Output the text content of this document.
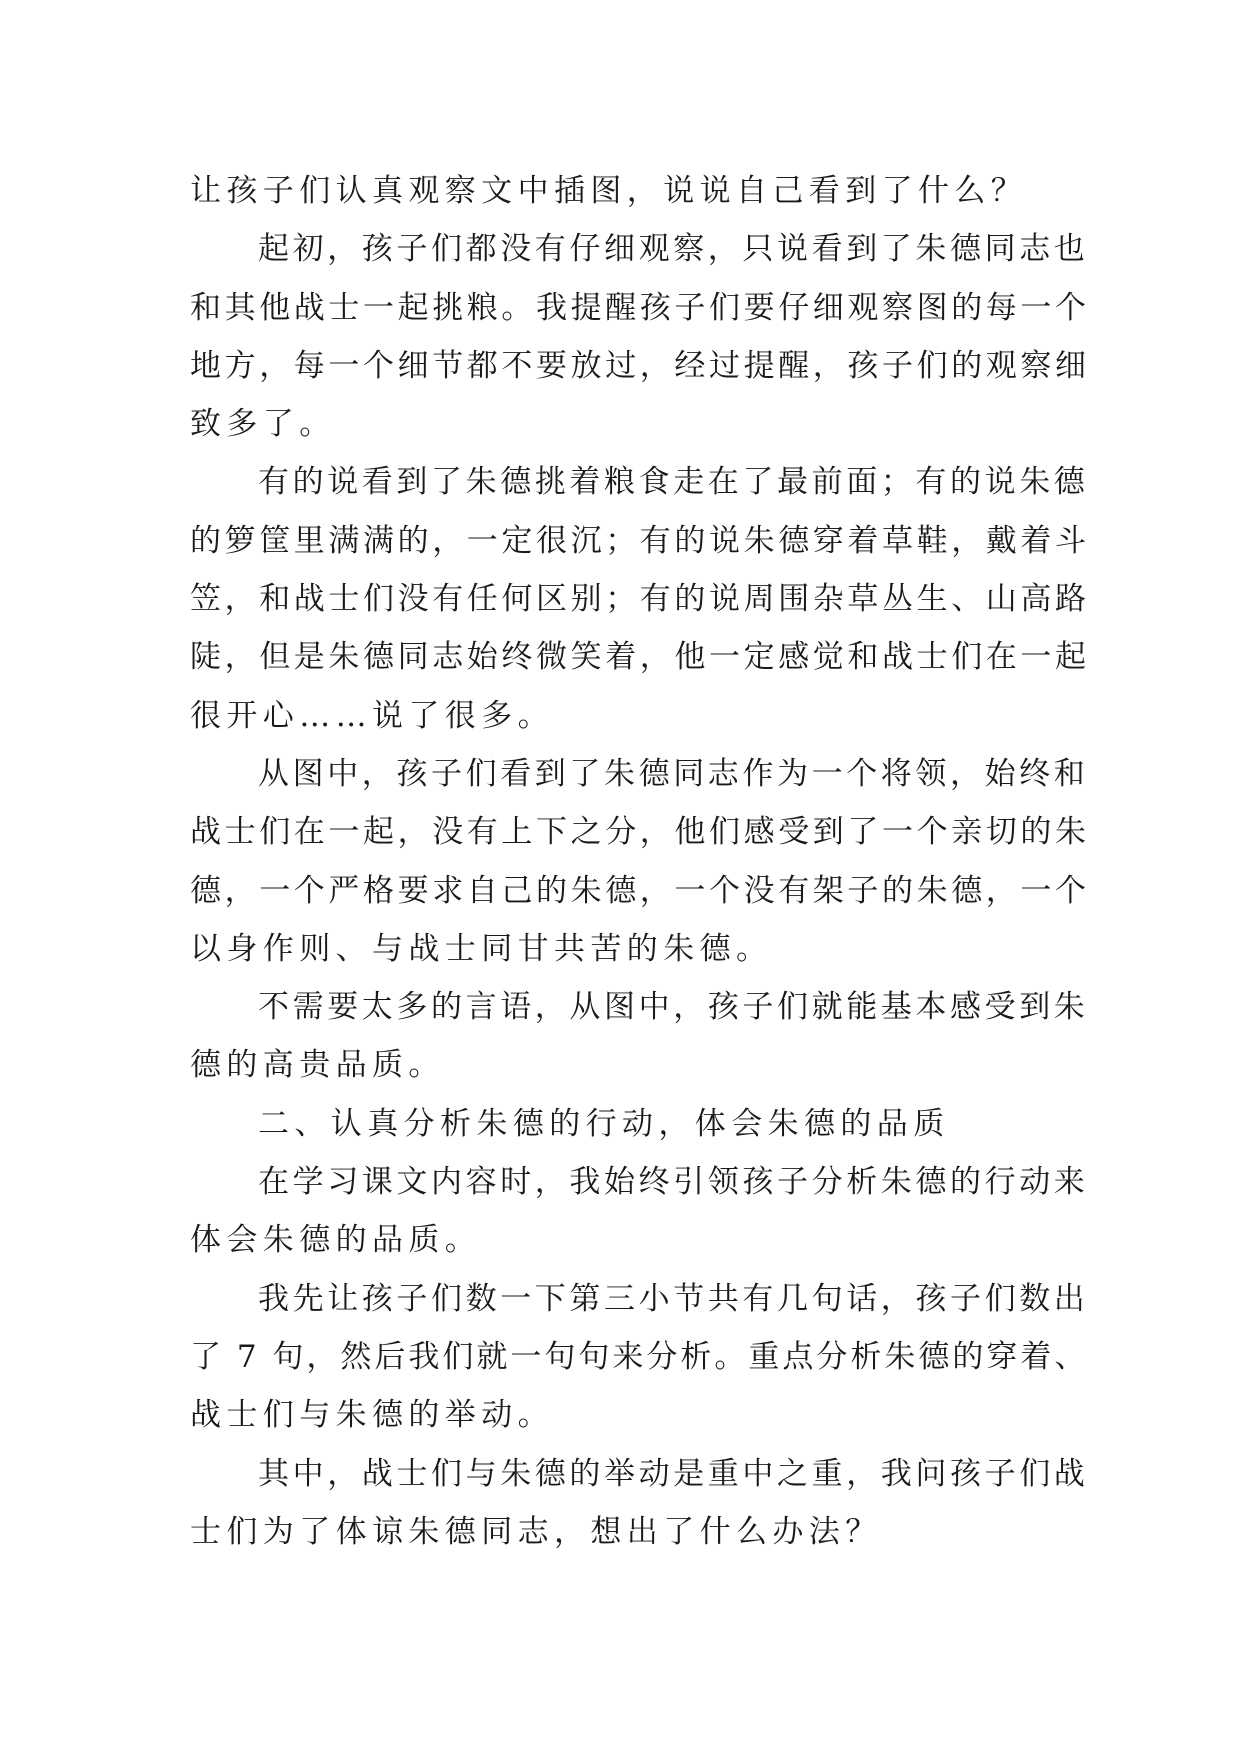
让孩子们认真观察文中插图，说说自己看到了什么？
起初，孩子们都没有仔细观察，只说看到了朱德同志也
和其他战士一起挑粮。我提醒孩子们要仔细观察图的每一个
地方，每一个细节都不要放过，经过提醒，孩子们的观察细
致多了。
有的说看到了朱德挑着粮食走在了最前面；有的说朱德
的箩筐里满满的，一定很沉；有的说朱德穿着草鞋，戴着斗
笠，和战士们没有任何区别；有的说周围杂草丛生、山高路
陡，但是朱德同志始终微笑着，他一定感觉和战士们在一起
很开心……说了很多。
从图中，孩子们看到了朱德同志作为一个将领，始终和
战士们在一起，没有上下之分，他们感受到了一个亲切的朱
德，一个严格要求自己的朱德，一个没有架子的朱德，一个
以身作则、与战士同甘共苦的朱德。
不需要太多的言语，从图中，孩子们就能基本感受到朱
德的高贵品质。
二、认真分析朱德的行动，体会朱德的品质
在学习课文内容时，我始终引领孩子分析朱德的行动来
体会朱德的品质。
我先让孩子们数一下第三小节共有几句话，孩子们数出
了 7 句，然后我们就一句句来分析。重点分析朱德的穿着、
战士们与朱德的举动。
其中，战士们与朱德的举动是重中之重，我问孩子们战
士们为了体谅朱德同志，想出了什么办法？
